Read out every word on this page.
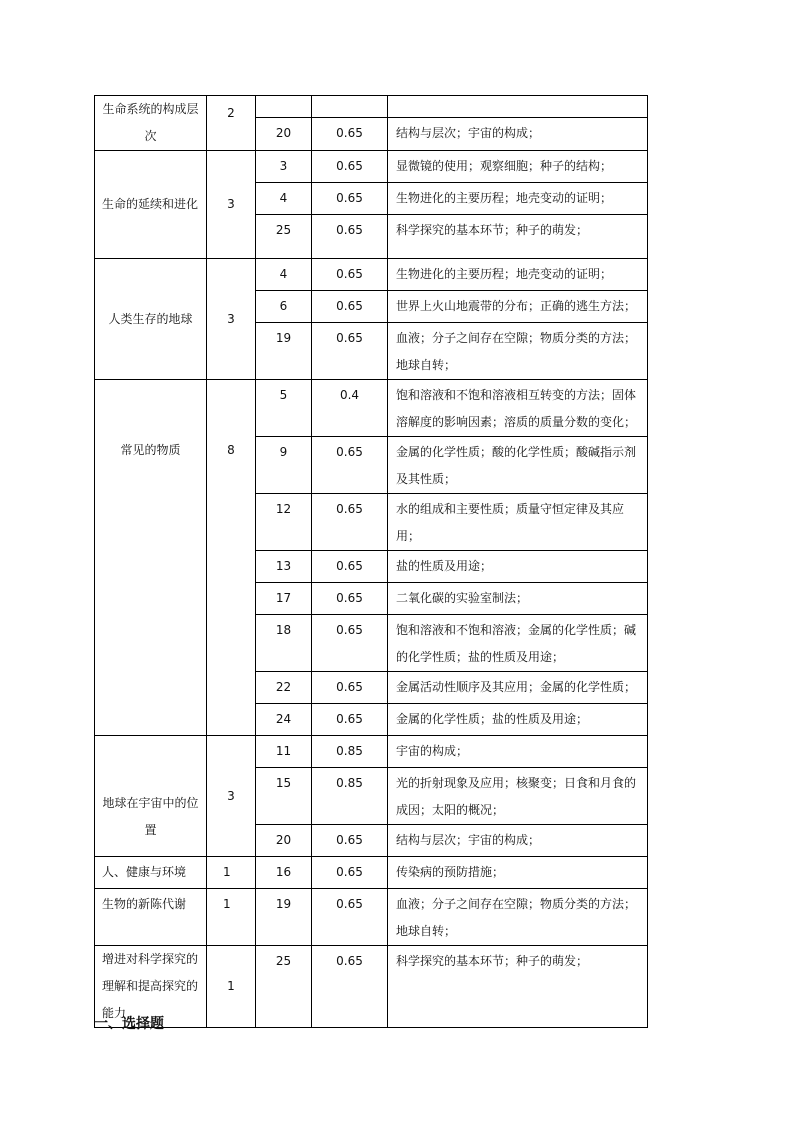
生命系统的构成层次	2			
		20	0.65	结构与层次；宇宙的构成；
生命的延续和进化	3	3	0.65	显微镜的使用；观察细胞；种子的结构；
		4	0.65	生物进化的主要历程；地壳变动的证明；
		25	0.65	科学探究的基本环节；种子的萌发；
人类生存的地球	3	4	0.65	生物进化的主要历程；地壳变动的证明；
		6	0.65	世界上火山地震带的分布；正确的逃生方法；
		19	0.65	血液；分子之间存在空隙；物质分类的方法；地球自转；
常见的物质	8	5	0.4	饱和溶液和不饱和溶液相互转变的方法；固体溶解度的影响因素；溶质的质量分数的变化；
		9	0.65	金属的化学性质；酸的化学性质；酸碱指示剂及其性质；
		12	0.65	水的组成和主要性质；质量守恒定律及其应用；
		13	0.65	盐的性质及用途；
		17	0.65	二氧化碳的实验室制法；
		18	0.65	饱和溶液和不饱和溶液；金属的化学性质；碱的化学性质；盐的性质及用途；
		22	0.65	金属活动性顺序及其应用；金属的化学性质；
		24	0.65	金属的化学性质；盐的性质及用途；
地球在宇宙中的位置	3	11	0.85	宇宙的构成；
		15	0.85	光的折射现象及应用；核聚变；日食和月食的成因；太阳的概况；
		20	0.65	结构与层次；宇宙的构成；
人、健康与环境	1	16	0.65	传染病的预防措施；
生物的新陈代谢	1	19	0.65	血液；分子之间存在空隙；物质分类的方法；地球自转；
增进对科学探究的理解和提高探究的能力	1	25	0.65	科学探究的基本环节；种子的萌发；
一、选择题
